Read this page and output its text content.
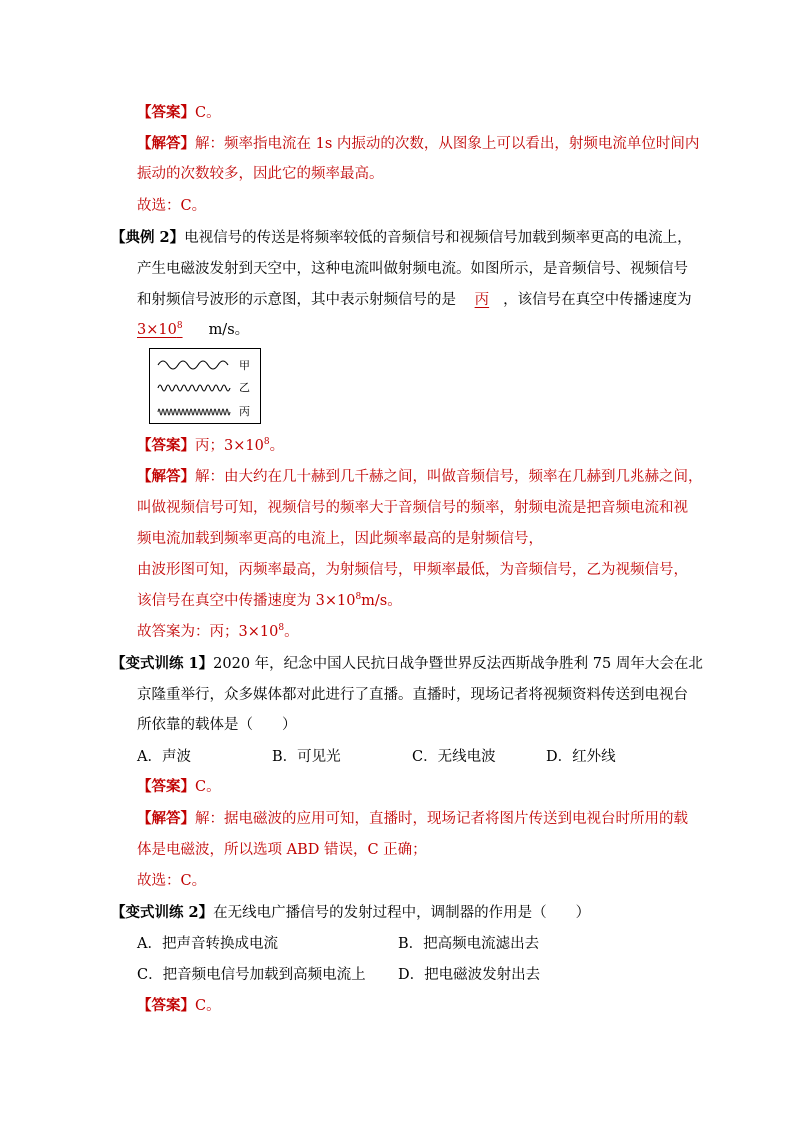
【答案】C。
【解答】解：频率指电流在 1s 内振动的次数，从图象上可以看出，射频电流单位时间内
振动的次数较多，因此它的频率最高。
故选：C。
【典例 2】电视信号的传送是将频率较低的音频信号和视频信号加载到频率更高的电流上，
产生电磁波发射到天空中，这种电流叫做射频电流。如图所示，是音频信号、视频信号
和射频信号波形的示意图，其中表示射频信号的是 丙 ，该信号在真空中传播速度为
$3\times 10^8$ m/s。
甲
乙
丙
【答案】丙；$3\times 10^8$。
【解答】解：由大约在几十赫到几千赫之间，叫做音频信号，频率在几赫到几兆赫之间，
叫做视频信号可知，视频信号的频率大于音频信号的频率，射频电流是把音频电流和视
频电流加载到频率更高的电流上，因此频率最高的是射频信号，
由波形图可知，丙频率最高，为射频信号，甲频率最低，为音频信号，乙为视频信号，
该信号在真空中传播速度为 $3\times 10^8m/s$。
故答案为：丙；$3\times 10^8$。
【变式训练 1】2020 年，纪念中国人民抗日战争暨世界反法西斯战争胜利 75 周年大会在北
京隆重举行，众多媒体都对此进行了直播。直播时，现场记者将视频资料传送到电视台
所依靠的载体是（　　）
A．声波	B．可见光	C．无线电波	D．红外线
【答案】C。
【解答】解：据电磁波的应用可知，直播时，现场记者将图片传送到电视台时所用的载
体是电磁波，所以选项 ABD 错误，C 正确；
故选：C。
【变式训练 2】在无线电广播信号的发射过程中，调制器的作用是（　　）
A．把声音转换成电流	B．把高频电流滤出去
C．把音频电信号加载到高频电流上 D．把电磁波发射出去
【答案】C。
